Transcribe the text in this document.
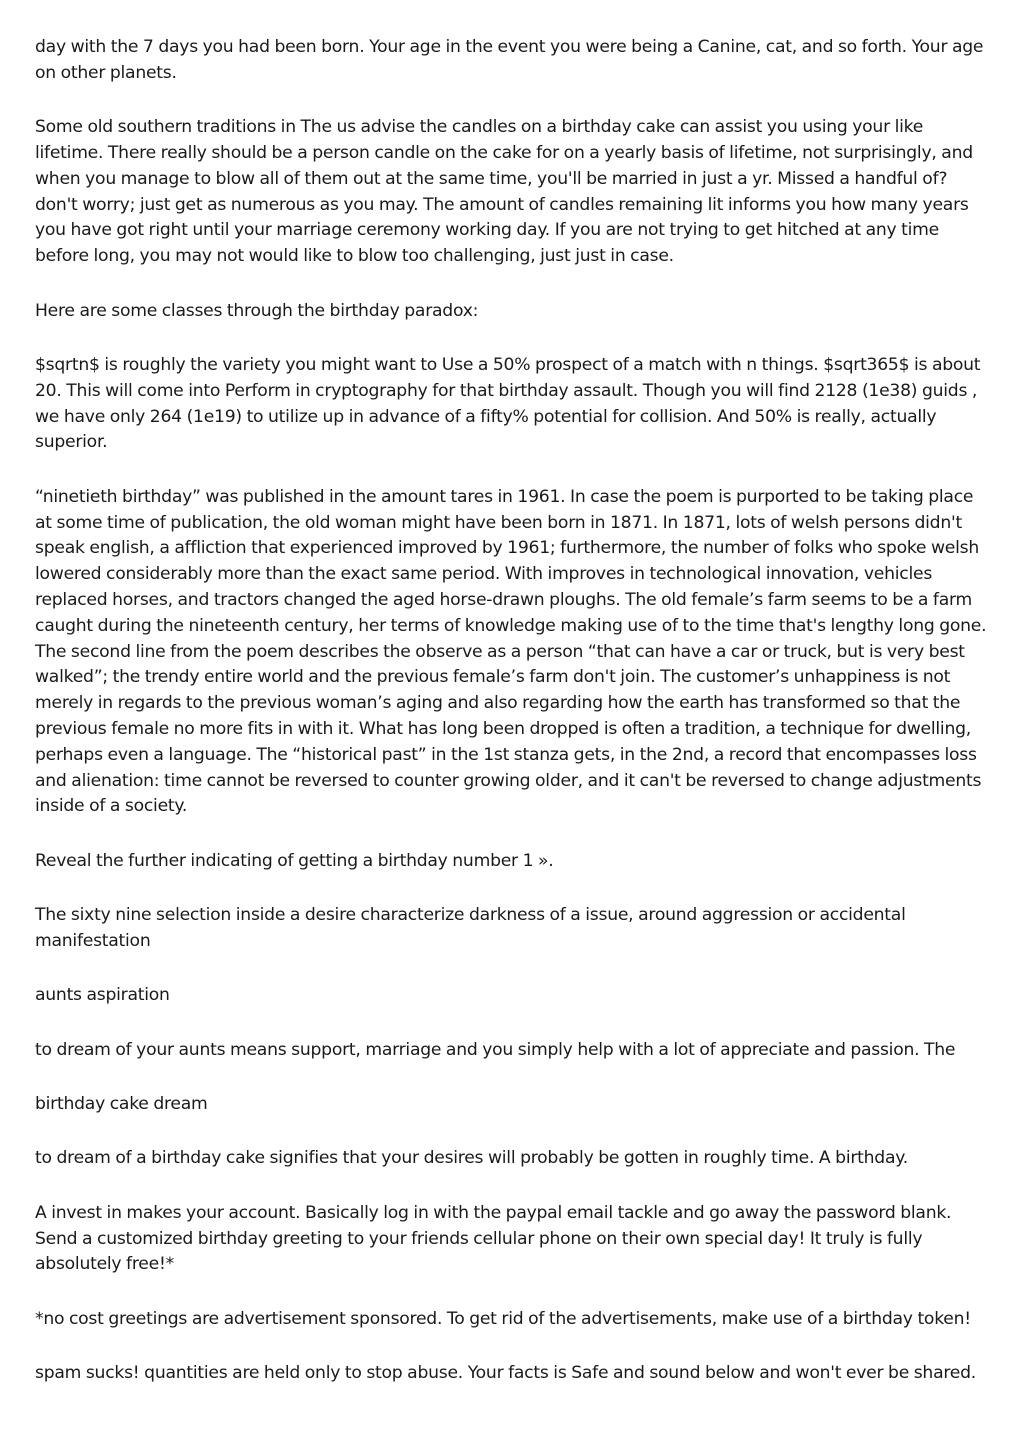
day with the 7 days you had been born. Your age in the event you were being a Canine, cat, and so forth. Your age on other planets.

Some old southern traditions in The us advise the candles on a birthday cake can assist you using your like lifetime. There really should be a person candle on the cake for on a yearly basis of lifetime, not surprisingly, and when you manage to blow all of them out at the same time, you'll be married in just a yr. Missed a handful of? don't worry; just get as numerous as you may. The amount of candles remaining lit informs you how many years you have got right until your marriage ceremony working day. If you are not trying to get hitched at any time before long, you may not would like to blow too challenging, just just in case.

Here are some classes through the birthday paradox:

$sqrtn$ is roughly the variety you might want to Use a 50% prospect of a match with n things. $sqrt365$ is about 20. This will come into Perform in cryptography for that birthday assault. Though you will find 2128 (1e38) guids , we have only 264 (1e19) to utilize up in advance of a fifty% potential for collision. And 50% is really, actually superior.

“ninetieth birthday” was published in the amount tares in 1961. In case the poem is purported to be taking place at some time of publication, the old woman might have been born in 1871. In 1871, lots of welsh persons didn't speak english, a affliction that experienced improved by 1961; furthermore, the number of folks who spoke welsh lowered considerably more than the exact same period. With improves in technological innovation, vehicles replaced horses, and tractors changed the aged horse-drawn ploughs. The old female’s farm seems to be a farm caught during the nineteenth century, her terms of knowledge making use of to the time that's lengthy long gone. The second line from the poem describes the observe as a person “that can have a car or truck, but is very best walked”; the trendy entire world and the previous female’s farm don't join. The customer’s unhappiness is not merely in regards to the previous woman’s aging and also regarding how the earth has transformed so that the previous female no more fits in with it. What has long been dropped is often a tradition, a technique for dwelling, perhaps even a language. The “historical past” in the 1st stanza gets, in the 2nd, a record that encompasses loss and alienation: time cannot be reversed to counter growing older, and it can't be reversed to change adjustments inside of a society.

Reveal the further indicating of getting a birthday number 1 ».

The sixty nine selection inside a desire characterize darkness of a issue, around aggression or accidental manifestation

aunts aspiration

to dream of your aunts means support, marriage and you simply help with a lot of appreciate and passion. The

birthday cake dream

to dream of a birthday cake signifies that your desires will probably be gotten in roughly time. A birthday.

A invest in makes your account. Basically log in with the paypal email tackle and go away the password blank. Send a customized birthday greeting to your friends cellular phone on their own special day! It truly is fully absolutely free!*

*no cost greetings are advertisement sponsored. To get rid of the advertisements, make use of a birthday token!

spam sucks! quantities are held only to stop abuse. Your facts is Safe and sound below and won't ever be shared.
